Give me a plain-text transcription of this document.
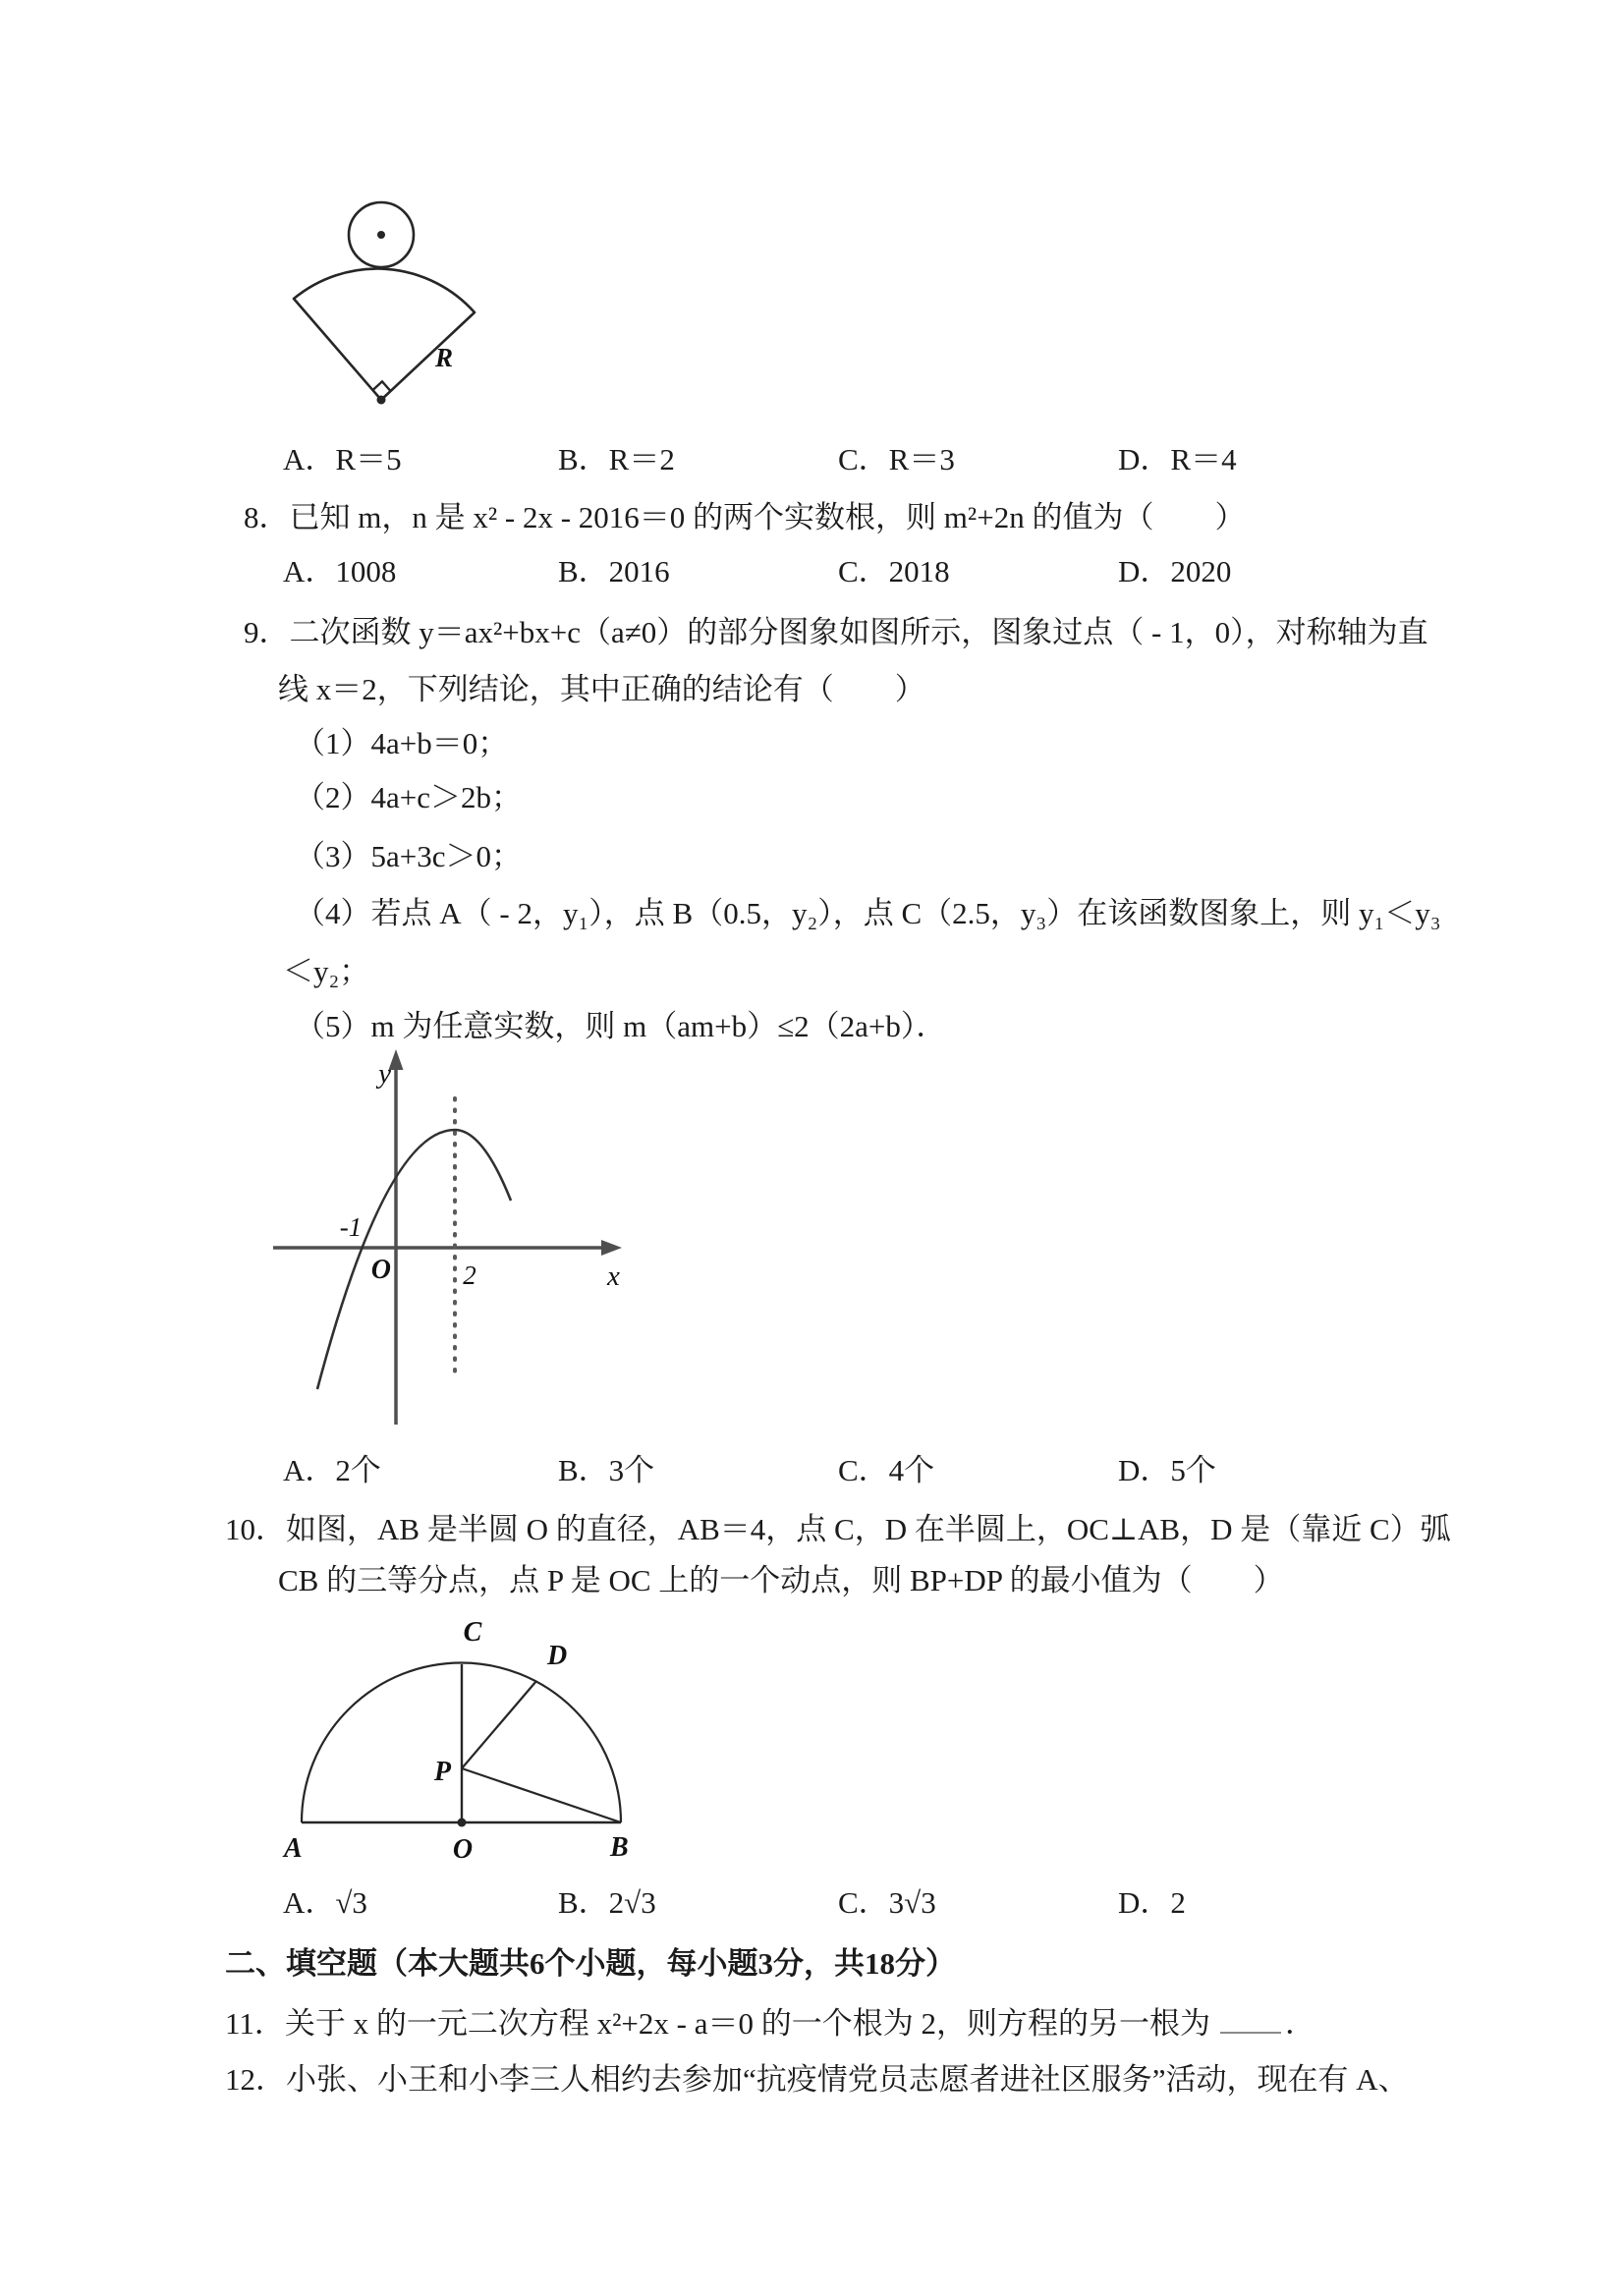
R
A．R＝5	B．R＝2	C．R＝3	D．R＝4
8．已知 m，n 是 x² - 2x - 2016＝0 的两个实数根，则 m²+2n 的值为（　　）
A．1008	B．2016	C．2018	D．2020
9．二次函数 y＝ax²+bx+c（a≠0）的部分图象如图所示，图象过点（ - 1，0），对称轴为直
线 x＝2，下列结论，其中正确的结论有（　　）
（1）4a+b＝0；
（2）4a+c＞2b；
（3）5a+3c＞0；
（4）若点 A（ - 2，y₁），点 B（0.5，y₂），点 C（2.5，y₃）在该函数图象上，则 y₁＜y₃
＜y₂；
（5）m 为任意实数，则 m（am+b）≤2（2a+b）．
y
x
O
-1
2
A．2个	B．3个	C．4个	D．5个
10．如图，AB 是半圆 O 的直径，AB＝4，点 C，D 在半圆上，OC⊥AB，D 是（靠近 C）弧
CB 的三等分点，点 P 是 OC 上的一个动点，则 BP+DP 的最小值为（　　）
A	O	B
C
D
P
A．√3	B．2√3	C．3√3	D．2
二、填空题（本大题共6个小题，每小题3分，共18分）
11．关于 x 的一元二次方程 x²+2x - a＝0 的一个根为 2，则方程的另一根为 ．
12．小张、小王和小李三人相约去参加“抗疫情党员志愿者进社区服务”活动，现在有 A、
